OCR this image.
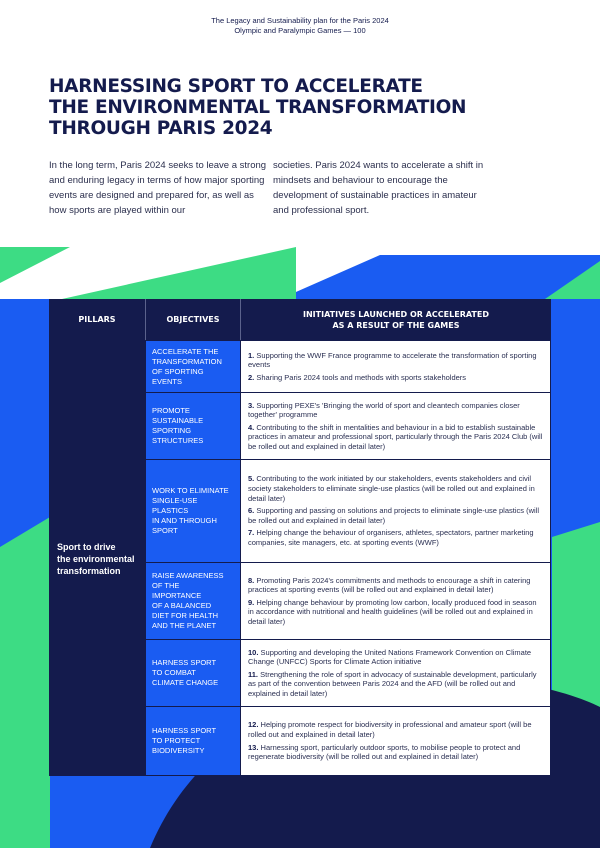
The Legacy and Sustainability plan for the Paris 2024
Olympic and Paralympic Games — 100
HARNESSING SPORT TO ACCELERATE
THE ENVIRONMENTAL TRANSFORMATION
THROUGH PARIS 2024

In the long term, Paris 2024 seeks to leave a strong and enduring legacy in terms of how major sporting events are designed and prepared for, as well as how sports are played within our

societies. Paris 2024 wants to accelerate a shift in mindsets and behaviour to encourage the development of sustainable practices in amateur and professional sport.

PILLARS	OBJECTIVES
INITIATIVES LAUNCHED OR ACCELERATED
AS A RESULT OF THE GAMES
Sport to drive
the environmental
transformation
ACCELERATE THE
TRANSFORMATION
OF SPORTING
EVENTS

1. Supporting the WWF France programme to accelerate the transformation of sporting events

2. Sharing Paris 2024 tools and methods with sports stakeholders

PROMOTE
SUSTAINABLE
SPORTING
STRUCTURES

3. Supporting PEXE's 'Bringing the world of sport and cleantech companies closer together' programme

4. Contributing to the shift in mentalities and behaviour in a bid to establish sustainable practices in amateur and professional sport, particularly through the Paris 2024 Club (will be rolled out and explained in detail later)

WORK TO ELIMINATE
SINGLE-USE
PLASTICS
IN AND THROUGH
SPORT

5. Contributing to the work initiated by our stakeholders, events stakeholders and civil society stakeholders to eliminate single-use plastics (will be rolled out and explained in detail later)

6. Supporting and passing on solutions and projects to eliminate single-use plastics (will be rolled out and explained in detail later)

7. Helping change the behaviour of organisers, athletes, spectators, partner marketing companies, site managers, etc. at sporting events (WWF)

RAISE AWARENESS
OF THE
IMPORTANCE
OF A BALANCED
DIET FOR HEALTH
AND THE PLANET

8. Promoting Paris 2024's commitments and methods to encourage a shift in catering practices at sporting events (will be rolled out and explained in detail later)

9. Helping change behaviour by promoting low carbon, locally produced food in season in accordance with nutritional and health guidelines (will be rolled out and explained in detail later)

HARNESS SPORT
TO COMBAT
CLIMATE CHANGE

10. Supporting and developing the United Nations Framework Convention on Climate Change (UNFCC) Sports for Climate Action initiative

11. Strengthening the role of sport in advocacy of sustainable development, particularly as part of the convention between Paris 2024 and the AFD (will be rolled out and explained in detail later)

HARNESS SPORT
TO PROTECT
BIODIVERSITY

12. Helping promote respect for biodiversity in professional and amateur sport (will be rolled out and explained in detail later)

13. Harnessing sport, particularly outdoor sports, to mobilise people to protect and regenerate biodiversity (will be rolled out and explained in detail later)
